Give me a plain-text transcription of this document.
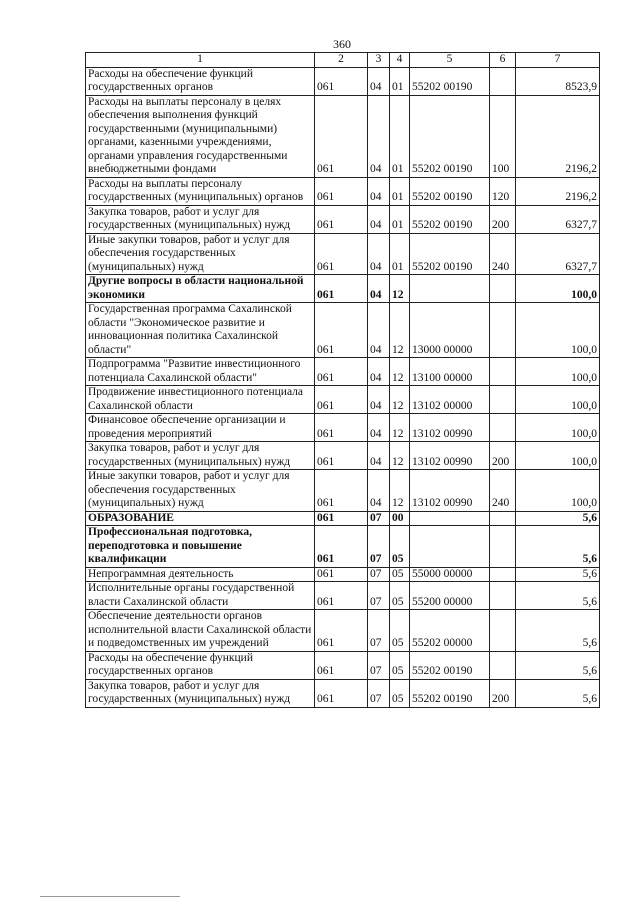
360
1	2	3	4	5	6	7
Расходы на обеспечение функций государственных органов	061	04	01	55202 00190		8523,9
Расходы на выплаты персоналу в целях обеспечения выполнения функций государственными (муниципальными) органами, казенными учреждениями, органами управления государственными внебюджетными фондами	061	04	01	55202 00190	100	2196,2
Расходы на выплаты персоналу государственных (муниципальных) органов	061	04	01	55202 00190	120	2196,2
Закупка товаров, работ и услуг для государственных (муниципальных) нужд	061	04	01	55202 00190	200	6327,7
Иные закупки товаров, работ и услуг для обеспечения государственных (муниципальных) нужд	061	04	01	55202 00190	240	6327,7
Другие вопросы в области национальной экономики	061	04	12			100,0
Государственная программа Сахалинской области "Экономическое развитие и инновационная политика Сахалинской области"	061	04	12	13000 00000		100,0
Подпрограмма "Развитие инвестиционного потенциала Сахалинской области"	061	04	12	13100 00000		100,0
Продвижение инвестиционного потенциала Сахалинской области	061	04	12	13102 00000		100,0
Финансовое обеспечение организации и проведения мероприятий	061	04	12	13102 00990		100,0
Закупка товаров, работ и услуг для государственных (муниципальных) нужд	061	04	12	13102 00990	200	100,0
Иные закупки товаров, работ и услуг для обеспечения государственных (муниципальных) нужд	061	04	12	13102 00990	240	100,0
ОБРАЗОВАНИЕ	061	07	00			5,6
Профессиональная подготовка, переподготовка и повышение квалификации	061	07	05			5,6
Непрограммная деятельность	061	07	05	55000 00000		5,6
Исполнительные органы государственной власти Сахалинской области	061	07	05	55200 00000		5,6
Обеспечение деятельности органов исполнительной власти Сахалинской области и подведомственных им учреждений	061	07	05	55202 00000		5,6
Расходы на обеспечение функций государственных органов	061	07	05	55202 00190		5,6
Закупка товаров, работ и услуг для государственных (муниципальных) нужд	061	07	05	55202 00190	200	5,6
